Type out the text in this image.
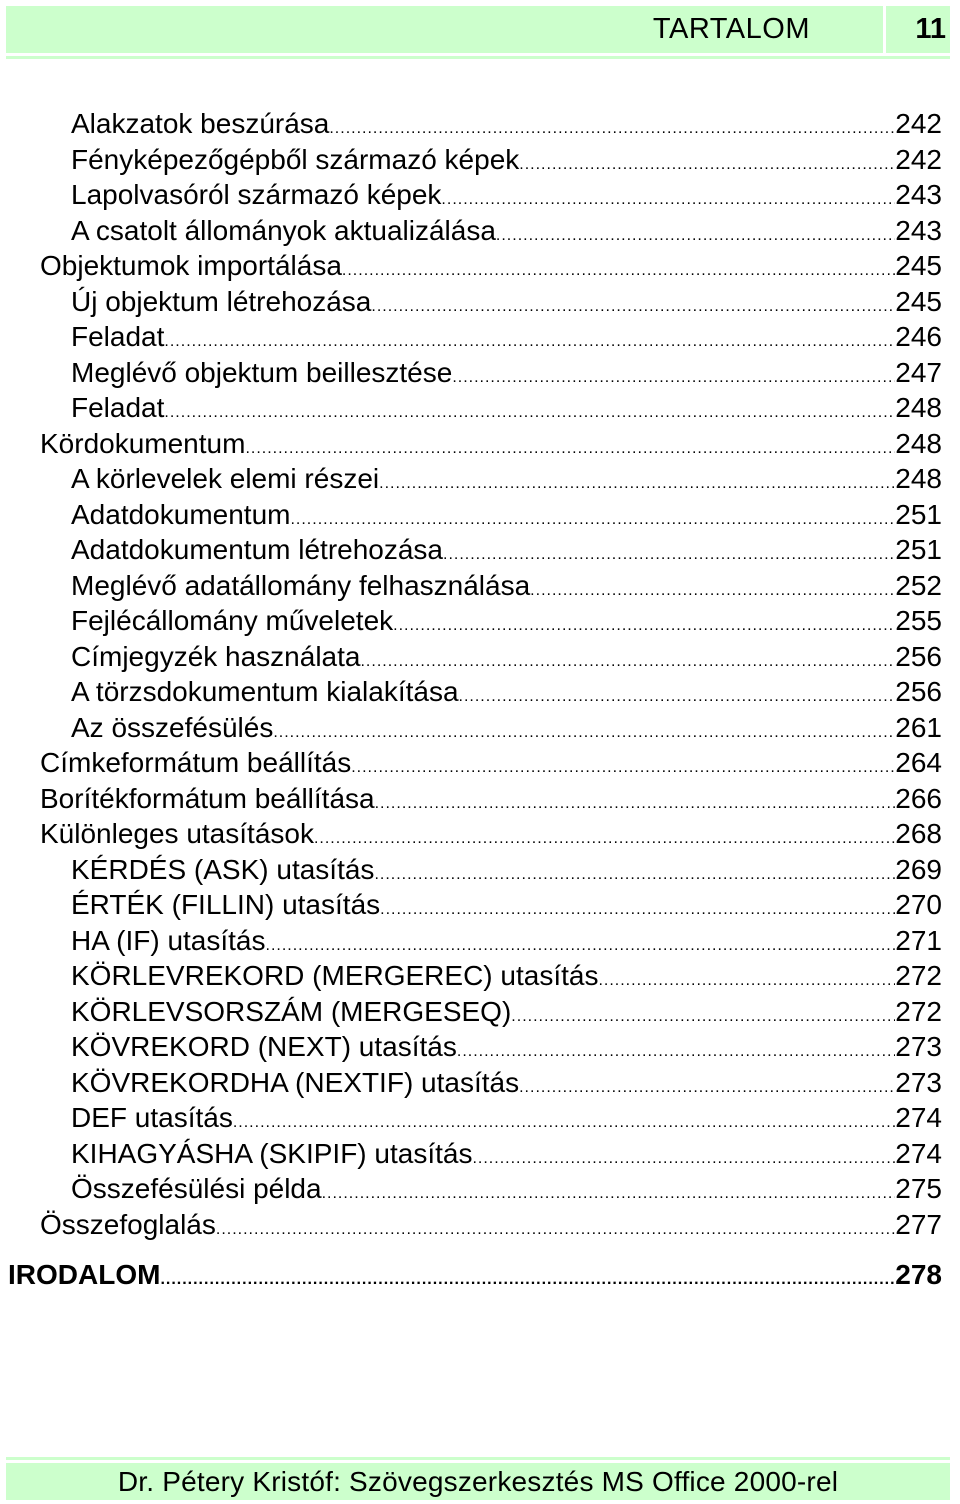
TARTALOM	11
Alakzatok beszúrása .....	242
Fényképezőgépből származó képek .....	242
Lapolvasóról származó képek .....	243
A csatolt állományok aktualizálása .....	243
Objektumok importálása .....	245
Új objektum létrehozása .....	245
Feladat .....	246
Meglévő objektum beillesztése .....	247
Feladat .....	248
Kördokumentum .....	248
A körlevelek elemi részei .....	248
Adatdokumentum .....	251
Adatdokumentum létrehozása .....	251
Meglévő adatállomány felhasználása .....	252
Fejlécállomány műveletek .....	255
Címjegyzék használata .....	256
A törzsdokumentum kialakítása .....	256
Az összefésülés .....	261
Címkeformátum beállítás .....	264
Borítékformátum beállítása .....	266
Különleges utasítások .....	268
KÉRDÉS (ASK) utasítás .....	269
ÉRTÉK (FILLIN) utasítás .....	270
HA (IF) utasítás .....	271
KÖRLEVREKORD (MERGEREC) utasítás .....	272
KÖRLEVSORSZÁM (MERGESEQ) .....	272
KÖVREKORD (NEXT) utasítás .....	273
KÖVREKORDHA (NEXTIF) utasítás .....	273
DEF utasítás .....	274
KIHAGYÁSHA (SKIPIF) utasítás .....	274
Összefésülési példa .....	275
Összefoglalás .....	277
IRODALOM .....	278
Dr. Pétery Kristóf: Szövegszerkesztés MS Office 2000-rel
